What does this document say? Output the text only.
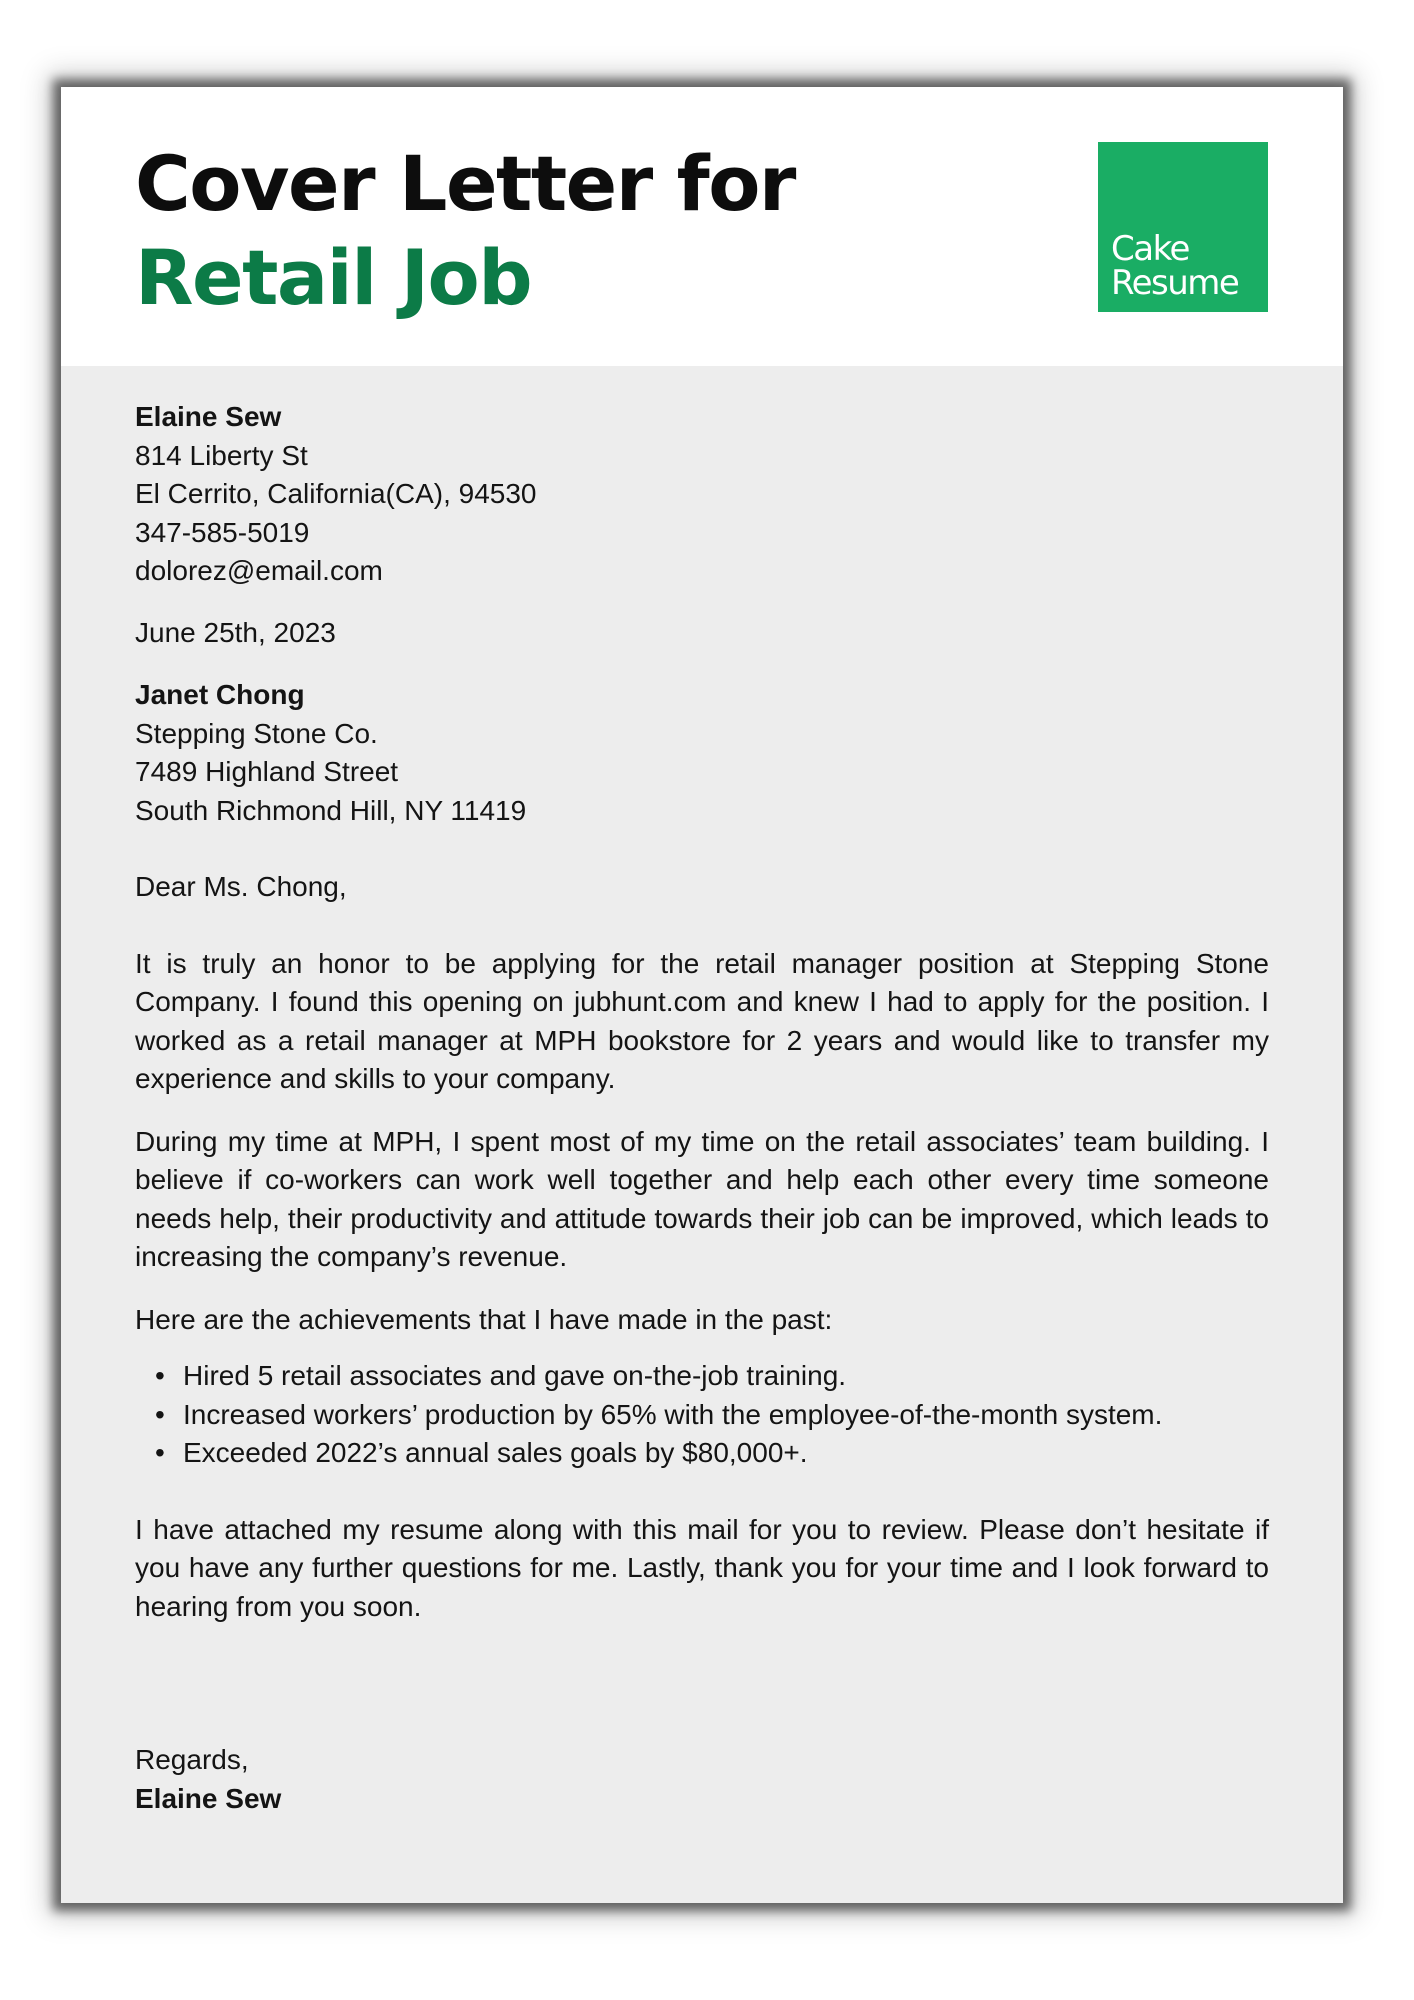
Cover Letter for
Retail Job	Cake
Resume

Elaine Sew

814 Liberty St

El Cerrito, California(CA), 94530

347-585-5019

dolorez@email.com

June 25th, 2023

Janet Chong

Stepping Stone Co.

7489 Highland Street

South Richmond Hill, NY 11419

Dear Ms. Chong,

It is truly an honor to be applying for the retail manager position at Stepping Stone Company. I found this opening on jubhunt.com and knew I had to apply for the position. I worked as a retail manager at MPH bookstore for 2 years and would like to transfer my experience and skills to your company.

During my time at MPH, I spent most of my time on the retail associates’ team building. I believe if co-workers can work well together and help each other every time someone needs help, their productivity and attitude towards their job can be improved, which leads to increasing the company’s revenue.

Here are the achievements that I have made in the past:

• Hired 5 retail associates and gave on-the-job training.
• Increased workers’ production by 65% with the employee-of-the-month system.
• Exceeded 2022’s annual sales goals by $80,000+.

I have attached my resume along with this mail for you to review. Please don’t hesitate if you have any further questions for me. Lastly, thank you for your time and I look forward to hearing from you soon.

Regards,

Elaine Sew
